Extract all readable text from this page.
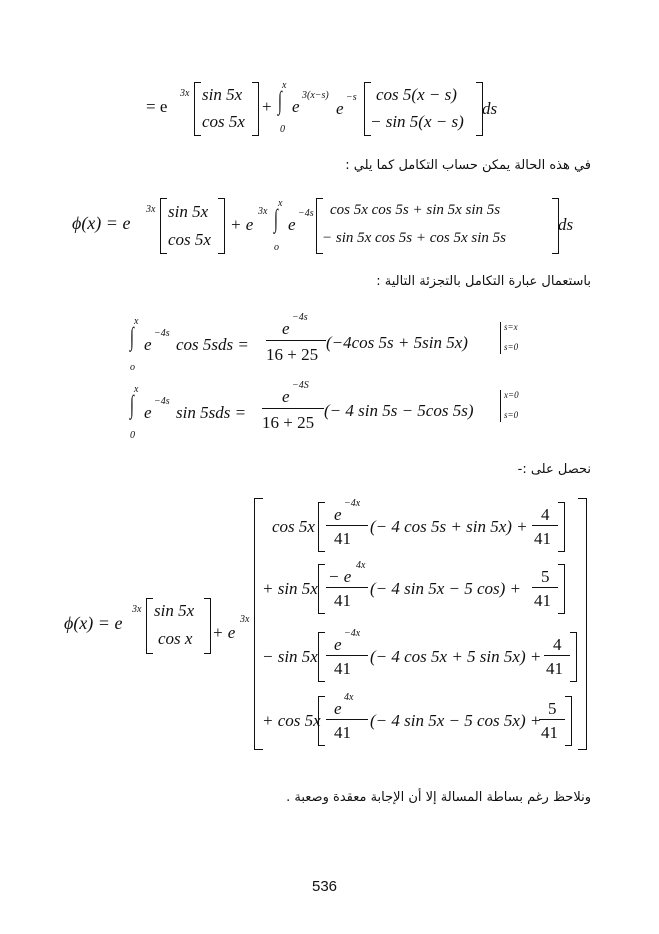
= e
3x sin 5x
cos 5x
+
x
∫
0
e
3(x−s)
e
−s cos 5(x − s)
− sin 5(x − s)
ds
في هذه الحالة يمكن حساب التكامل كما يلي :
ϕ(x) = e
3x sin 5x
cos 5x
+ e
3x
x
∫
o
e
−4s cos 5x cos 5s + sin 5x sin 5s
− sin 5x cos 5s + cos 5x sin 5s
ds
باستعمال عبارة التكامل بالتجزئة التالية :
x
∫
o
e
−4s
cos 5sds =
e
−4s
16 + 25
(−4cos 5s + 5sin 5x)
s=x
s=0
x
∫
0
e
−4s
sin 5sds =
e
−4S
16 + 25
(− 4 sin 5s − 5cos 5s)
x=0
s=0
نحصل على :-
ϕ(x) = e
3x sin 5x
cos x + e
3x
cos 5x
e
−4x
41
(− 4 cos 5s + sin 5x) +
4
41
+ sin 5x
− e
4x
41
(− 4 sin 5x − 5 cos) +
5
41
− sin 5x
e
−4x
41
(− 4 cos 5x + 5 sin 5x) +
4
41
+ cos 5x
e
4x
41
(− 4 sin 5x − 5 cos 5x) +
5
41
ونلاحظ رغم بساطة المسالة إلا أن الإجابة معقدة وصعبة .
536
